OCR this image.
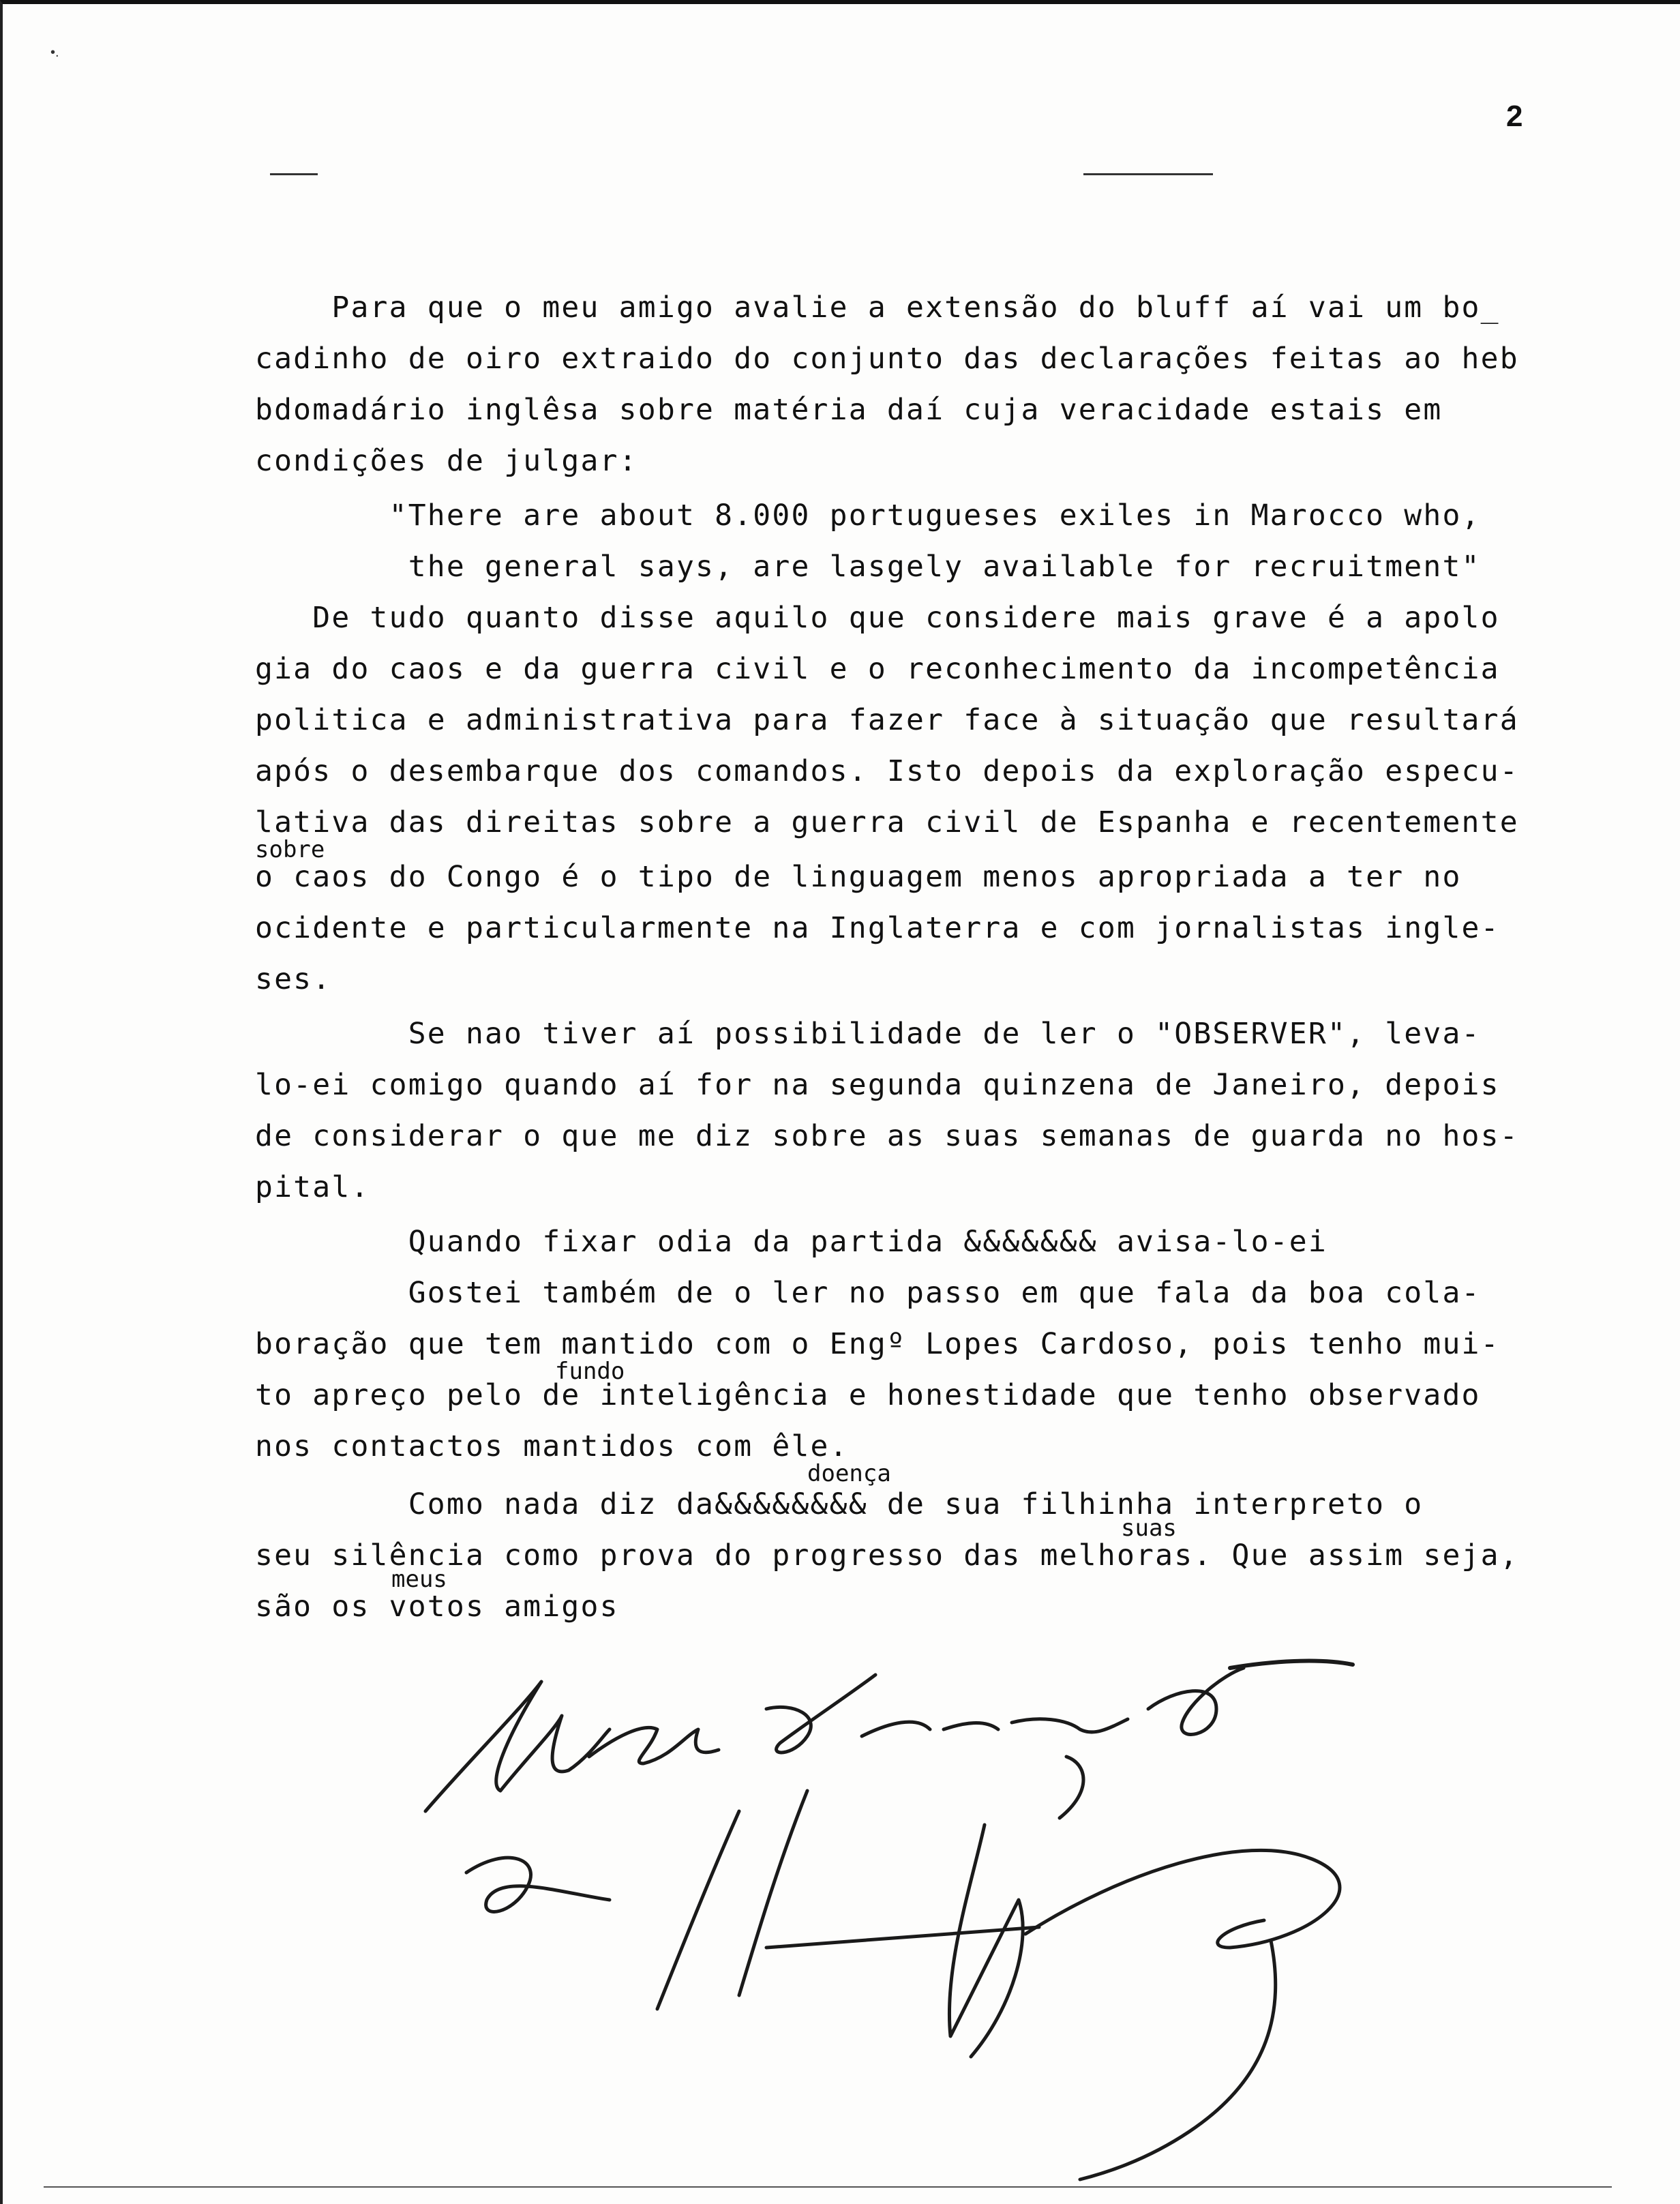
•.
2
Para que o meu amigo avalie a extensão do bluff aí vai um bo_
cadinho de oiro extraido do conjunto das declarações feitas ao heb
bdomadário inglêsa sobre matéria daí cuja veracidade estais em
condições de julgar:
"There are about 8.000 portugueses exiles in Marocco who,
the general says, are lasgely available for recruitment"
De tudo quanto disse aquilo que considere mais grave é a apolo
gia do caos e da guerra civil e o reconhecimento da incompetência
politica e administrativa para fazer face à situação que resultará
após o desembarque dos comandos. Isto depois da exploração especu-
lativa das direitas sobre a guerra civil de Espanha e recentemente
sobre
o caos do Congo é o tipo de linguagem menos apropriada a ter no
ocidente e particularmente na Inglaterra e com jornalistas ingle-
ses.
Se nao tiver aí possibilidade de ler o "OBSERVER", leva-
lo-ei comigo quando aí for na segunda quinzena de Janeiro, depois
de considerar o que me diz sobre as suas semanas de guarda no hos-
pital.
Quando fixar odia da partida &&&&&&& avisa-lo-ei
Gostei também de o ler no passo em que fala da boa cola-
boração que tem mantido com o Engº Lopes Cardoso, pois tenho mui-
fundo
to apreço pelo de inteligência e honestidade que tenho observado
nos contactos mantidos com êle.
doença
Como nada diz da&&&&&&&& de sua filhinha interpreto o
suas
seu silência como prova do progresso das melhoras. Que assim seja,
meus
são os votos amigos
